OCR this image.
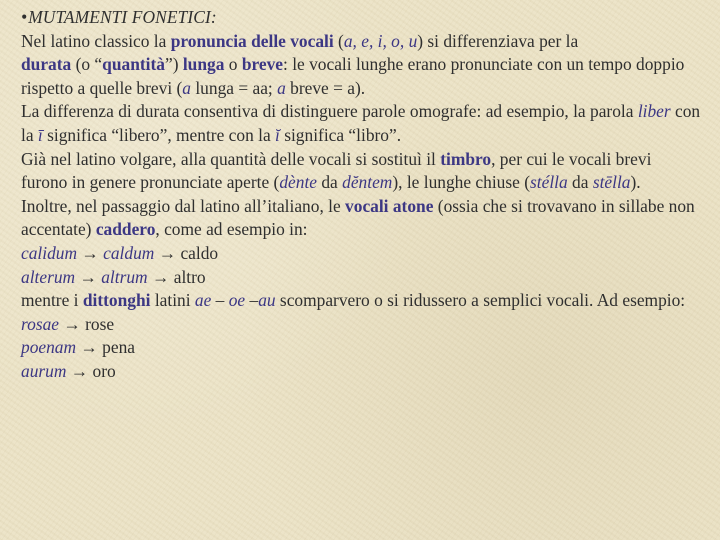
•MUTAMENTI FONETICI:

Nel latino classico la pronuncia delle vocali (a, e, i, o, u) si differenziava per la
durata (o “quantità”) lunga o breve: le vocali lunghe erano pronunciate con un tempo doppio rispetto a quelle brevi (a lunga = aa; a breve = a).

La differenza di durata consentiva di distinguere parole omografe: ad esempio, la parola liber con la ī significa “libero”, mentre con la ĭ significa “libro”.

Già nel latino volgare, alla quantità delle vocali si sostituì il timbro, per cui le vocali brevi furono in genere pronunciate aperte (dènte da dĕntem), le lunghe chiuse (stélla da stēlla).

Inoltre, nel passaggio dal latino all’italiano, le vocali atone (ossia che si trovavano in sillabe non accentate) caddero, come ad esempio in:

calidum → caldum → caldo

alterum → altrum → altro

mentre i dittonghi latini ae – oe –au scomparvero o si ridussero a semplici vocali. Ad esempio:

rosae → rose

poenam → pena

aurum → oro
